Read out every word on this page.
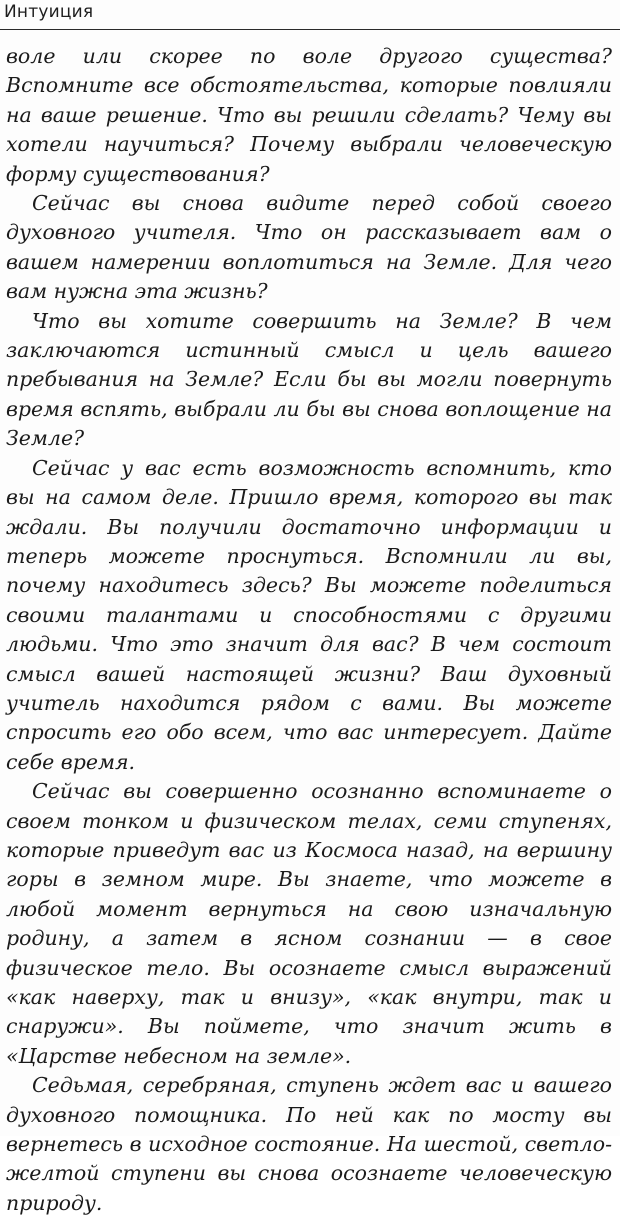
Интуиция

воле или скорее по воле другого существа? Вспомните все обстоятельства, которые повлияли на ваше решение. Что вы решили сделать? Чему вы хотели научиться? Почему выбрали человеческую форму существования?

Сейчас вы снова видите перед собой своего духовного учителя. Что он рассказывает вам о вашем намерении воплотиться на Земле. Для чего вам нужна эта жизнь?

Что вы хотите совершить на Земле? В чем заключаются истинный смысл и цель вашего пребывания на Земле? Если бы вы могли повернуть время вспять, выбрали ли бы вы снова воплощение на Земле?

Сейчас у вас есть возможность вспомнить, кто вы на самом деле. Пришло время, которого вы так ждали. Вы получили достаточно информации и теперь можете проснуться. Вспомнили ли вы, почему находитесь здесь? Вы можете поделиться своими талантами и способностями с другими людьми. Что это значит для вас? В чем состоит смысл вашей настоящей жизни? Ваш духовный учитель находится рядом с вами. Вы можете спросить его обо всем, что вас интересует. Дайте себе время.

Сейчас вы совершенно осознанно вспоминаете о своем тонком и физическом телах, семи ступенях, которые приведут вас из Космоса назад, на вершину горы в земном мире. Вы знаете, что можете в любой момент вернуться на свою изначальную родину, а затем в ясном сознании — в свое физическое тело. Вы осознаете смысл выражений «как наверху, так и внизу», «как внутри, так и снаружи». Вы поймете, что значит жить в «Царстве небесном на земле».

Седьмая, серебряная, ступень ждет вас и вашего духовного помощника. По ней как по мосту вы вернетесь в исходное состояние. На шестой, светло-желтой ступени вы снова осознаете человеческую природу.
